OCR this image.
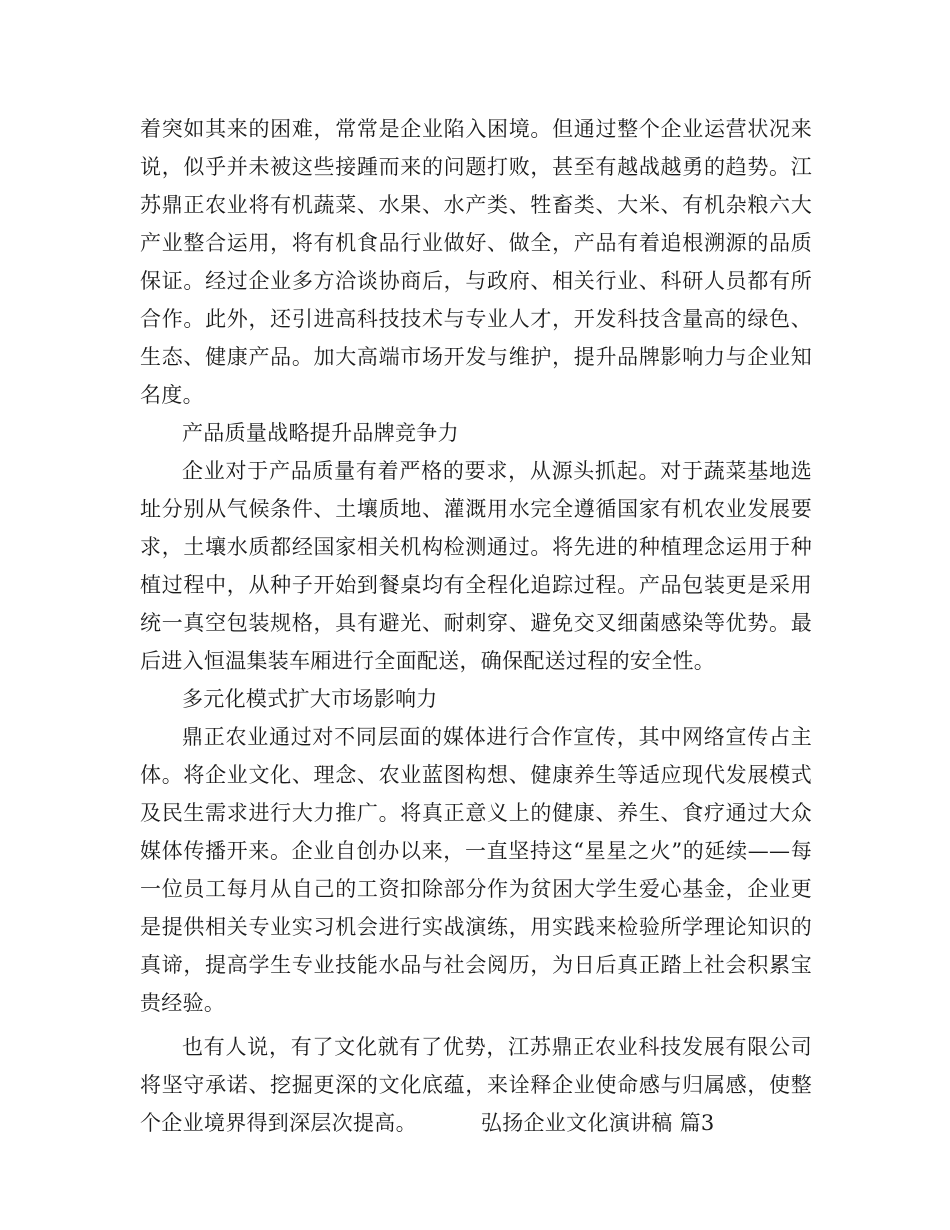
着突如其来的困难，常常是企业陷入困境。但通过整个企业运营状况来说，似乎并未被这些接踵而来的问题打败，甚至有越战越勇的趋势。江苏鼎正农业将有机蔬菜、水果、水产类、牲畜类、大米、有机杂粮六大产业整合运用，将有机食品行业做好、做全，产品有着追根溯源的品质保证。经过企业多方洽谈协商后，与政府、相关行业、科研人员都有所合作。此外，还引进高科技技术与专业人才，开发科技含量高的绿色、生态、健康产品。加大高端市场开发与维护，提升品牌影响力与企业知名度。

产品质量战略提升品牌竞争力

企业对于产品质量有着严格的要求，从源头抓起。对于蔬菜基地选址分别从气候条件、土壤质地、灌溉用水完全遵循国家有机农业发展要求，土壤水质都经国家相关机构检测通过。将先进的种植理念运用于种植过程中，从种子开始到餐桌均有全程化追踪过程。产品包装更是采用统一真空包装规格，具有避光、耐刺穿、避免交叉细菌感染等优势。最后进入恒温集装车厢进行全面配送，确保配送过程的安全性。

多元化模式扩大市场影响力

鼎正农业通过对不同层面的媒体进行合作宣传，其中网络宣传占主体。将企业文化、理念、农业蓝图构想、健康养生等适应现代发展模式及民生需求进行大力推广。将真正意义上的健康、养生、食疗通过大众媒体传播开来。企业自创办以来，一直坚持这“星星之火”的延续——每一位员工每月从自己的工资扣除部分作为贫困大学生爱心基金，企业更是提供相关专业实习机会进行实战演练，用实践来检验所学理论知识的真谛，提高学生专业技能水品与社会阅历，为日后真正踏上社会积累宝贵经验。

也有人说，有了文化就有了优势，江苏鼎正农业科技发展有限公司将坚守承诺、挖掘更深的文化底蕴，来诠释企业使命感与归属感，使整个企业境界得到深层次提高。	弘扬企业文化演讲稿 篇3
